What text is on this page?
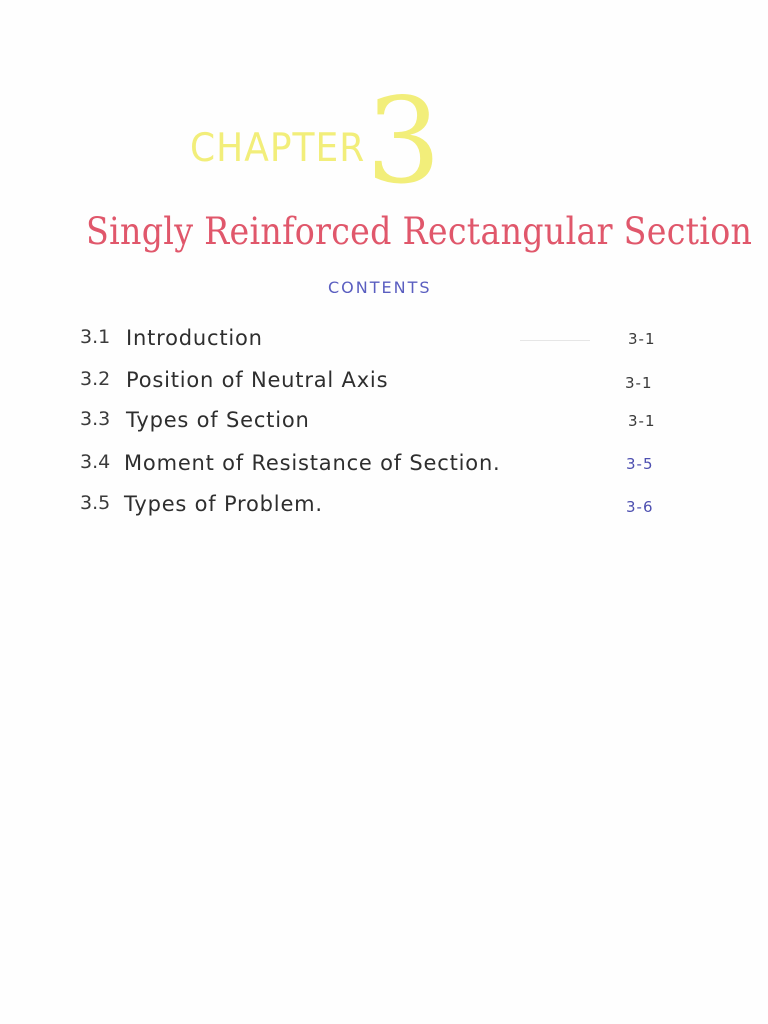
CHAPTER 3
Singly Reinforced Rectangular Section
CONTENTS
3.1 Introduction	3-1
3.2 Position of Neutral Axis	3-1
3.3 Types of Section	3-1
3.4 Moment of Resistance of Section.	3-5
3.5 Types of Problem.	3-6
